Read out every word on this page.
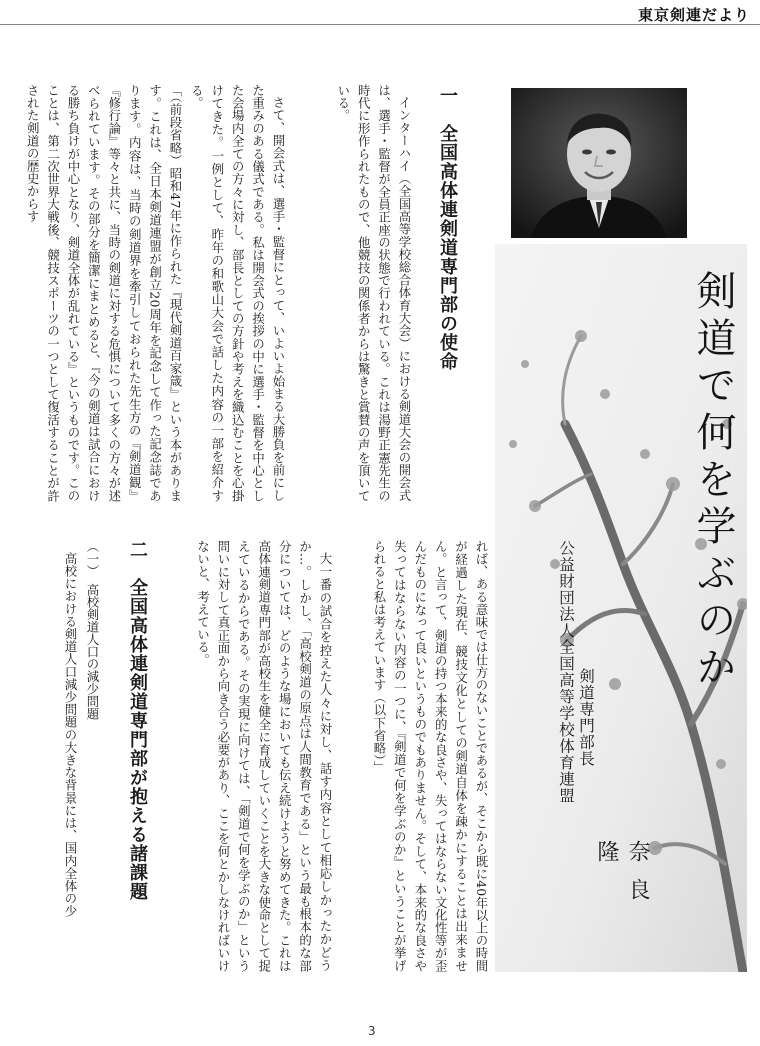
東京剣連だより
一　全国高体連剣道専門部の使命
インターハイ（全国高等学校総合体育大会）における剣道大会の開会式は、選手・監督が全員正座の状態で行われている。これは湯野正憲先生の時代に形作られたもので、他競技の関係者からは驚きと賞賛の声を頂いている。
さて、開会式は、選手・監督にとって、いよいよ始まる大勝負を前にした重みのある儀式である。私は開会式の挨拶の中に選手・監督を中心とした会場内全ての方々に対し、部長としての方針や考えを織込むことを心掛けてきた。一例として、昨年の和歌山大会で話した内容の一部を紹介する。
「（前段省略）昭和47年に作られた『現代剣道百家箴』という本があります。これは、全日本剣道連盟が創立20周年を記念して作った記念誌であります。内容は、当時の剣道界を牽引しておられた先生方の『剣道観』『修行論』等々と共に、当時の剣道に対する危惧について多くの方々が述べられています。その部分を簡潔にまとめると、『今の剣道は試合における勝ち負けが中心となり、剣道全体が乱れている』というものです。このことは、第二次世界大戦後、競技スポーツの一つとして復活することが許された剣道の歴史からす
れば、ある意味では仕方のないことであるが、そこから既に40年以上の時間が経過した現在、競技文化としての剣道自体を疎かにすることは出来ません。と言って、剣道の持つ本来的な良さや、失ってはならない文化性等が歪んだものになって良いというものでもありません。そして、本来的な良さや失ってはならない内容の一つに、『剣道で何を学ぶのか』ということが挙げられると私は考えています（以下省略）」
大一番の試合を控えた人々に対し、話す内容として相応しかったかどうか…。しかし、「高校剣道の原点は人間教育である」という最も根本的な部分については、どのような場においても伝え続けようと努めてきた。これは高体連剣道専門部が高校生を健全に育成していくことを大きな使命として捉えているからである。その実現に向けては、「剣道で何を学ぶのか」という問いに対して真正面から向き合う必要があり、ここを何とかしなければいけないと、考えている。
二　全国高体連剣道専門部が抱える諸課題
（一）　高校剣道人口の減少問題
高校における剣道人口減少問題の大きな背景には、国内全体の少
剣道で何を学ぶのか
公益財団法人全国高等学校体育連盟 剣道専門部長
奈良　隆
3
